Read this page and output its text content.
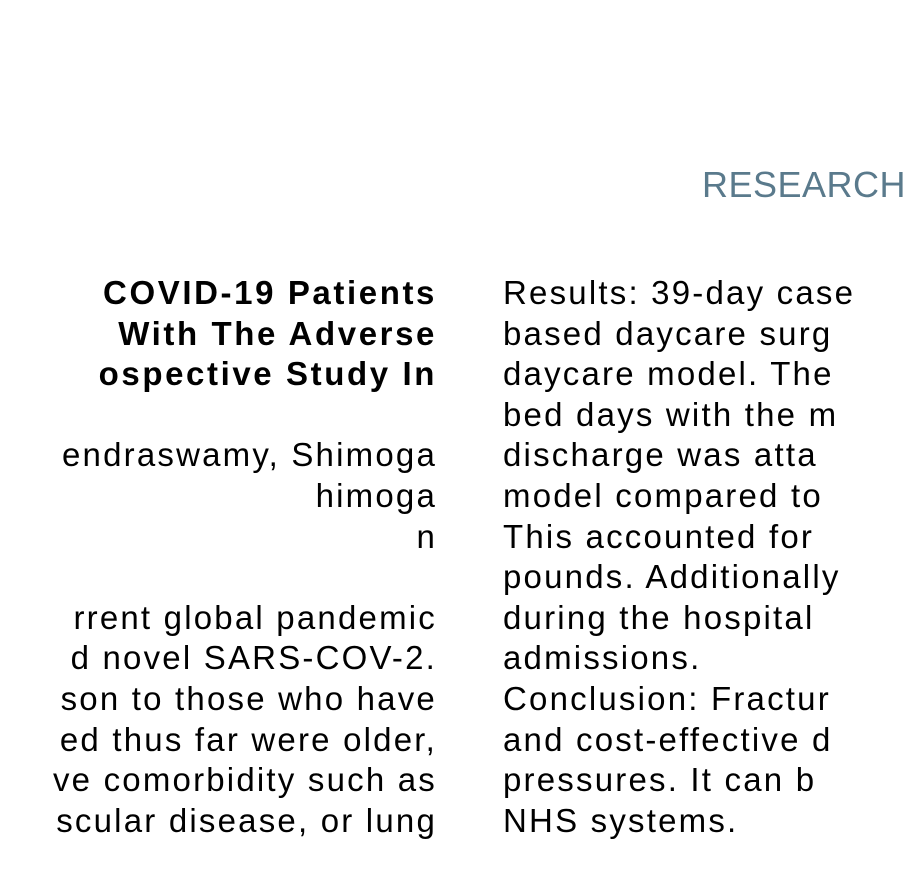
RESEARCH
COVID-19 Patients
With The Adverse
ospective Study In
endraswamy, Shimoga
himoga
n
rrent global pandemic
d novel SARS-COV-2.
son to those who have
ed thus far were older,
ve comorbidity such as
scular disease, or lung
Results: 39-day case
based daycare surg
daycare model. The
bed days with the m
discharge was atta
model compared to
This accounted for
pounds. Additionally
during the hospital
admissions.
Conclusion: Fractur
and cost-effective d
pressures. It can b
NHS systems.
